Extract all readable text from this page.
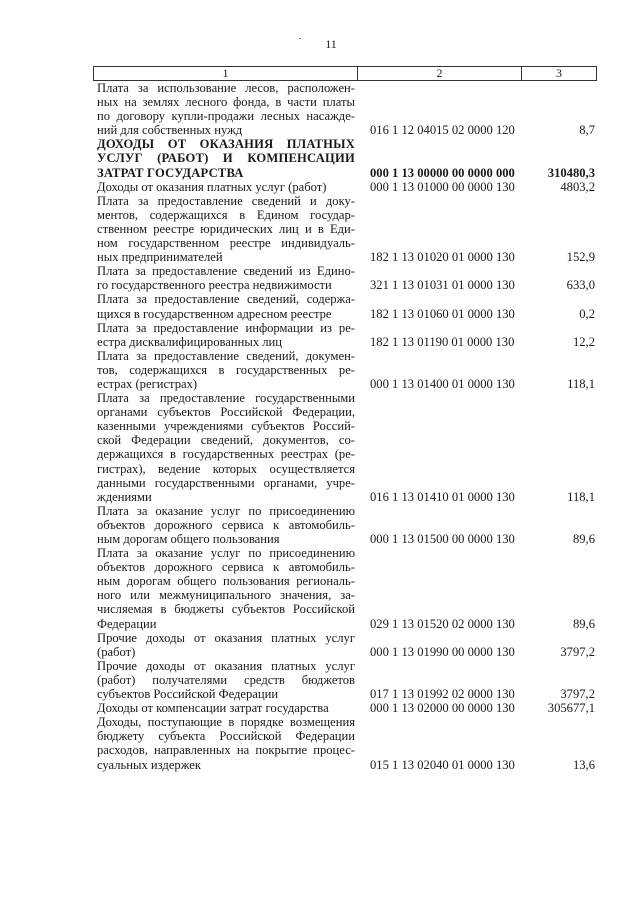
11
1	2	3
Плата за использование лесов, расположен-
ных на землях лесного фонда, в части платы
по договору купли-продажи лесных насажде-
ний для собственных нужд	016 1 12 04015 02 0000 120	8,7
ДОХОДЫ ОТ ОКАЗАНИЯ ПЛАТНЫХ
УСЛУГ (РАБОТ) И КОМПЕНСАЦИИ
ЗАТРАТ ГОСУДАРСТВА	000 1 13 00000 00 0000 000	310480,3
Доходы от оказания платных услуг (работ)	000 1 13 01000 00 0000 130	4803,2
Плата за предоставление сведений и доку-
ментов, содержащихся в Едином государ-
ственном реестре юридических лиц и в Еди-
ном государственном реестре индивидуаль-
ных предпринимателей	182 1 13 01020 01 0000 130	152,9
Плата за предоставление сведений из Едино-
го государственного реестра недвижимости	321 1 13 01031 01 0000 130	633,0
Плата за предоставление сведений, содержа-
щихся в государственном адресном реестре	182 1 13 01060 01 0000 130	0,2
Плата за предоставление информации из ре-
естра дисквалифицированных лиц	182 1 13 01190 01 0000 130	12,2
Плата за предоставление сведений, докумен-
тов, содержащихся в государственных ре-
естрах (регистрах)	000 1 13 01400 01 0000 130	118,1
Плата за предоставление государственными
органами субъектов Российской Федерации,
казенными учреждениями субъектов Россий-
ской Федерации сведений, документов, со-
держащихся в государственных реестрах (ре-
гистрах), ведение которых осуществляется
данными государственными органами, учре-
ждениями	016 1 13 01410 01 0000 130	118,1
Плата за оказание услуг по присоединению
объектов дорожного сервиса к автомобиль-
ным дорогам общего пользования	000 1 13 01500 00 0000 130	89,6
Плата за оказание услуг по присоединению
объектов дорожного сервиса к автомобиль-
ным дорогам общего пользования региональ-
ного или межмуниципального значения, за-
числяемая в бюджеты субъектов Российской
Федерации	029 1 13 01520 02 0000 130	89,6
Прочие доходы от оказания платных услуг
(работ)	000 1 13 01990 00 0000 130	3797,2
Прочие доходы от оказания платных услуг
(работ) получателями средств бюджетов
субъектов Российской Федерации	017 1 13 01992 02 0000 130	3797,2
Доходы от компенсации затрат государства	000 1 13 02000 00 0000 130	305677,1
Доходы, поступающие в порядке возмещения
бюджету субъекта Российской Федерации
расходов, направленных на покрытие процес-
суальных издержек	015 1 13 02040 01 0000 130	13,6
